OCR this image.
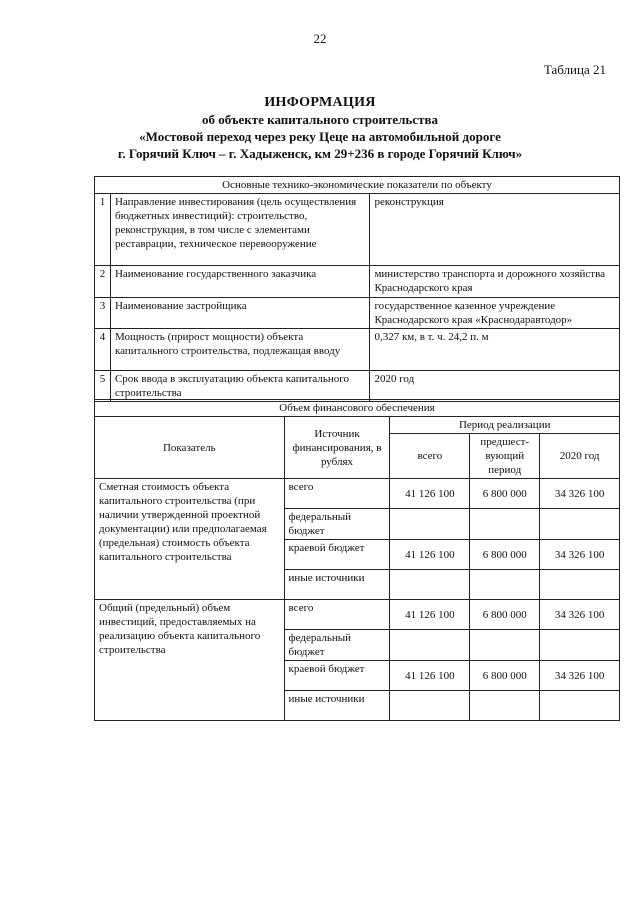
22
Таблица 21
ИНФОРМАЦИЯ
об объекте капитального строительства
«Мостовой переход через реку Цеце на автомобильной дороге
г. Горячий Ключ – г. Хадыженск, км 29+236 в городе Горячий Ключ»
Основные технико-экономические показатели по объекту		
1	Направление инвестирования (цель осуществления бюджетных инвестиций): строительство, реконструкция, в том числе с элементами реставрации, техническое перевооружение	реконструкция
2	Наименование государственного заказчика	министерство транспорта и дорожного хозяйства Краснодарского края
3	Наименование застройщика	государственное казенное учреждение Краснодарского края «Краснодаравтодор»
4	Мощность (прирост мощности) объекта капитального строительства, подлежащая вводу	0,327 км, в т. ч. 24,2 п. м
5	Срок ввода в эксплуатацию объекта капитального строительства	2020 год
Объем финансового обеспечения				
Показатель	Источник финансирования, в рублях	Период реализации		
		всего	предшест-вующий период	2020 год
Сметная стоимость объекта капитального строительства (при наличии утвержденной проектной документации) или предполагаемая (предельная) стоимость объекта капитального строительства	всего	41 126 100	6 800 000	34 326 100
	федеральный бюджет			
	краевой бюджет	41 126 100	6 800 000	34 326 100
	иные источники			
Общий (предельный) объем инвестиций, предоставляемых на реализацию объекта капитального строительства	всего	41 126 100	6 800 000	34 326 100
	федеральный бюджет			
	краевой бюджет	41 126 100	6 800 000	34 326 100
	иные источники			
